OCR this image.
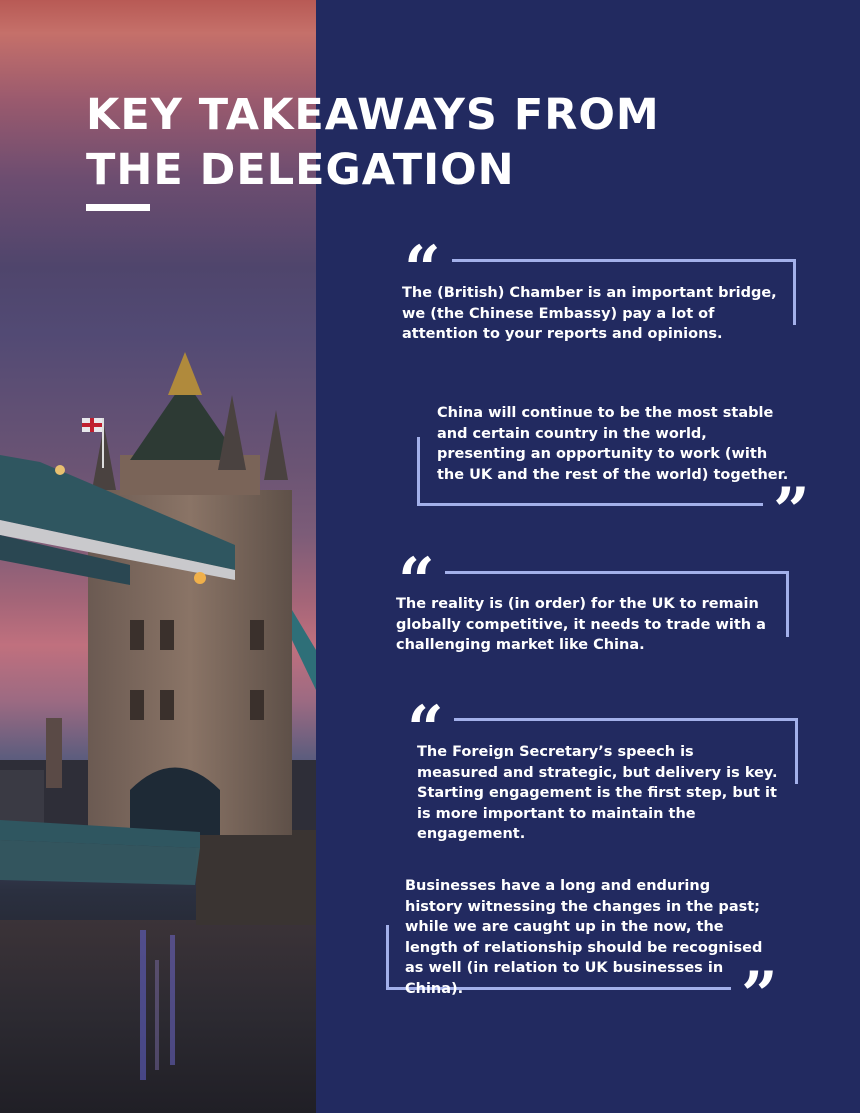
KEY TAKEAWAYS FROM
THE DELEGATION
“
The (British) Chamber is an important bridge, we (the Chinese Embassy) pay a lot of attention to your reports and opinions.
China will continue to be the most stable and certain country in the world, presenting an opportunity to work (with the UK and the rest of the world) together.
”
“
The reality is (in order) for the UK to remain globally competitive, it needs to trade with a challenging market like China.
“
The Foreign Secretary’s speech is measured and strategic, but delivery is key. Starting engagement is the first step, but it is more important to maintain the engagement.
Businesses have a long and enduring history witnessing the changes in the past; while we are caught up in the now, the length of relationship should be recognised as well (in relation to UK businesses in China).	”
